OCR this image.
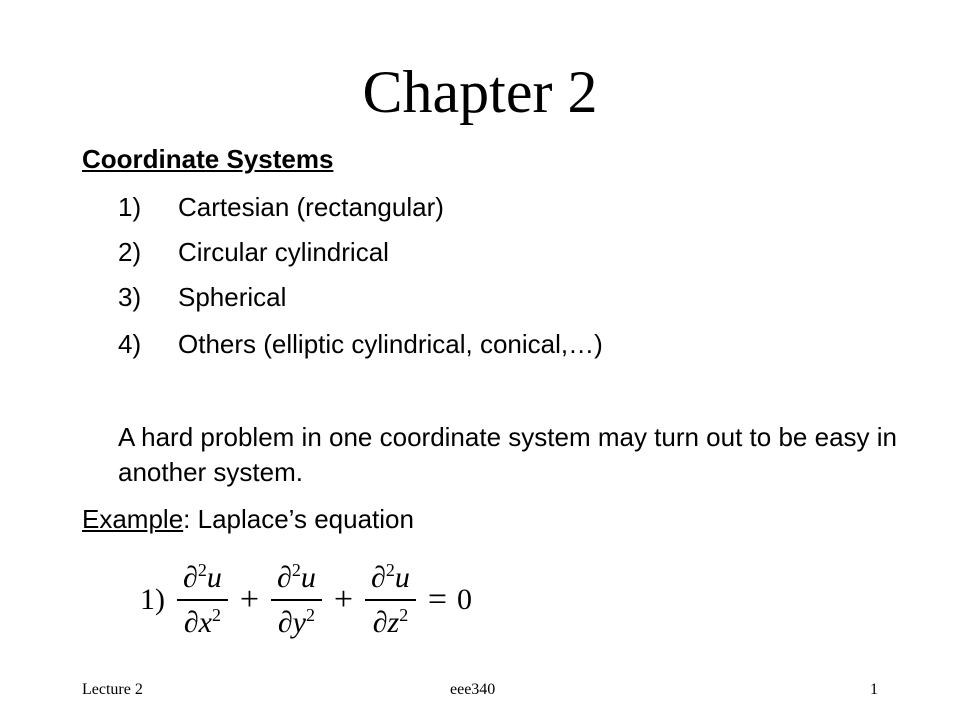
Chapter 2
Coordinate Systems
1) Cartesian (rectangular)
2) Circular cylindrical
3) Spherical
4) Others (elliptic cylindrical, conical,…)
A hard problem in one coordinate system may turn out to be easy in another system.
Example: Laplace’s equation
$1) \frac{\partial^2u}{\partial x^2} + \frac{\partial^2u}{\partial y^2} + \frac{\partial^2u}{\partial z^2} = 0$
Lecture 2	eee340	1
